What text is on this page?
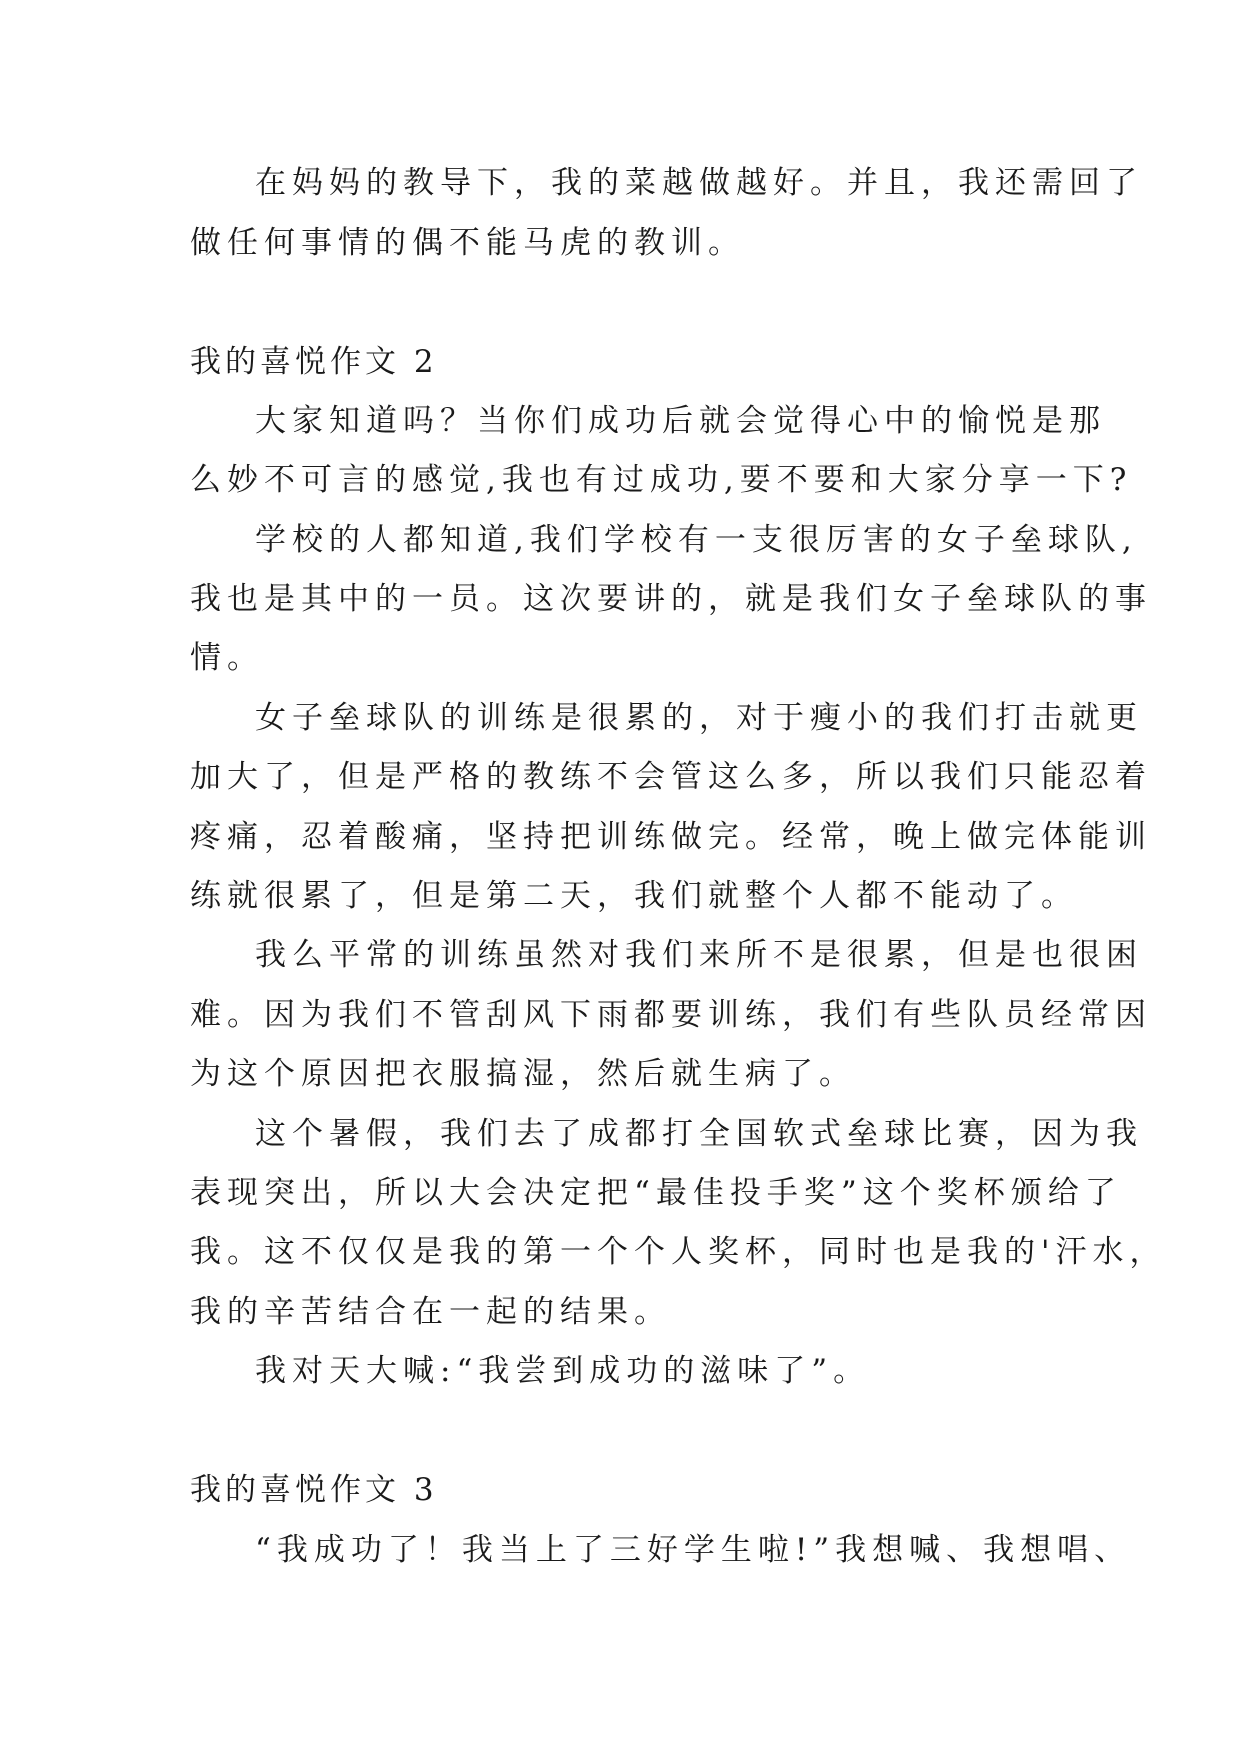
在妈妈的教导下，我的菜越做越好。并且，我还需回了
做任何事情的偶不能马虎的教训。
我的喜悦作文 2
大家知道吗？当你们成功后就会觉得心中的愉悦是那
么妙不可言的感觉,我也有过成功,要不要和大家分享一下?
学校的人都知道,我们学校有一支很厉害的女子垒球队,
我也是其中的一员。这次要讲的，就是我们女子垒球队的事
情。
女子垒球队的训练是很累的，对于瘦小的我们打击就更
加大了，但是严格的教练不会管这么多，所以我们只能忍着
疼痛，忍着酸痛，坚持把训练做完。经常，晚上做完体能训
练就很累了，但是第二天，我们就整个人都不能动了。
我么平常的训练虽然对我们来所不是很累，但是也很困
难。因为我们不管刮风下雨都要训练，我们有些队员经常因
为这个原因把衣服搞湿，然后就生病了。
这个暑假，我们去了成都打全国软式垒球比赛，因为我
表现突出，所以大会决定把“最佳投手奖”这个奖杯颁给了
我。这不仅仅是我的第一个个人奖杯，同时也是我的'汗水，
我的辛苦结合在一起的结果。
我对天大喊:“我尝到成功的滋味了”。
我的喜悦作文 3
“我成功了！我当上了三好学生啦!”我想喊、我想唱、
